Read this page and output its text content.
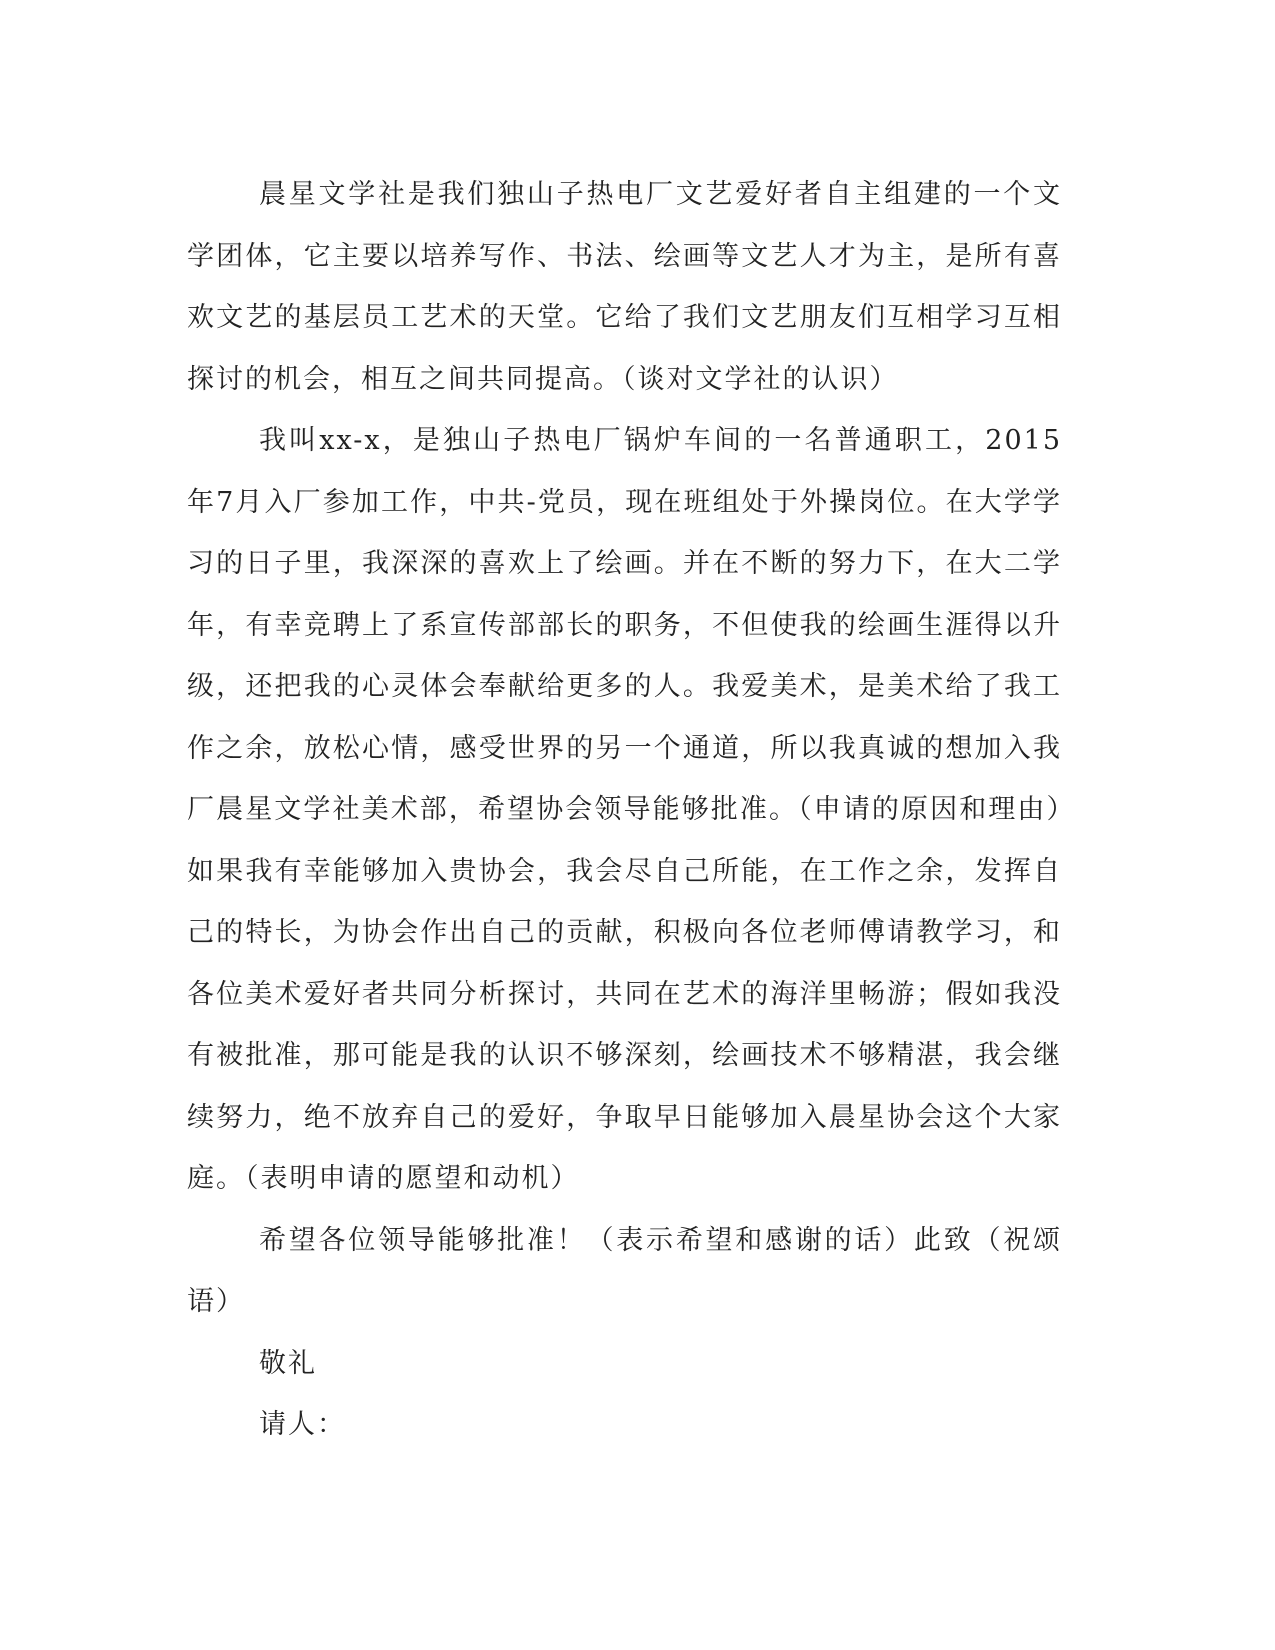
晨星文学社是我们独山子热电厂文艺爱好者自主组建的一个文学团体，它主要以培养写作、书法、绘画等文艺人才为主，是所有喜欢文艺的基层员工艺术的天堂。它给了我们文艺朋友们互相学习互相探讨的机会，相互之间共同提高。（谈对文学社的认识）

我叫xx-x，是独山子热电厂锅炉车间的一名普通职工，2015年7月入厂参加工作，中共-党员，现在班组处于外操岗位。在大学学习的日子里，我深深的喜欢上了绘画。并在不断的努力下，在大二学年，有幸竞聘上了系宣传部部长的职务，不但使我的绘画生涯得以升级，还把我的心灵体会奉献给更多的人。我爱美术，是美术给了我工作之余，放松心情，感受世界的另一个通道，所以我真诚的想加入我厂晨星文学社美术部，希望协会领导能够批准。（申请的原因和理由）如果我有幸能够加入贵协会，我会尽自己所能，在工作之余，发挥自己的特长，为协会作出自己的贡献，积极向各位老师傅请教学习，和各位美术爱好者共同分析探讨，共同在艺术的海洋里畅游；假如我没有被批准，那可能是我的认识不够深刻，绘画技术不够精湛，我会继续努力，绝不放弃自己的爱好，争取早日能够加入晨星协会这个大家庭。（表明申请的愿望和动机）

希望各位领导能够批准！（表示希望和感谢的话）此致（祝颂语）

敬礼

请人：
